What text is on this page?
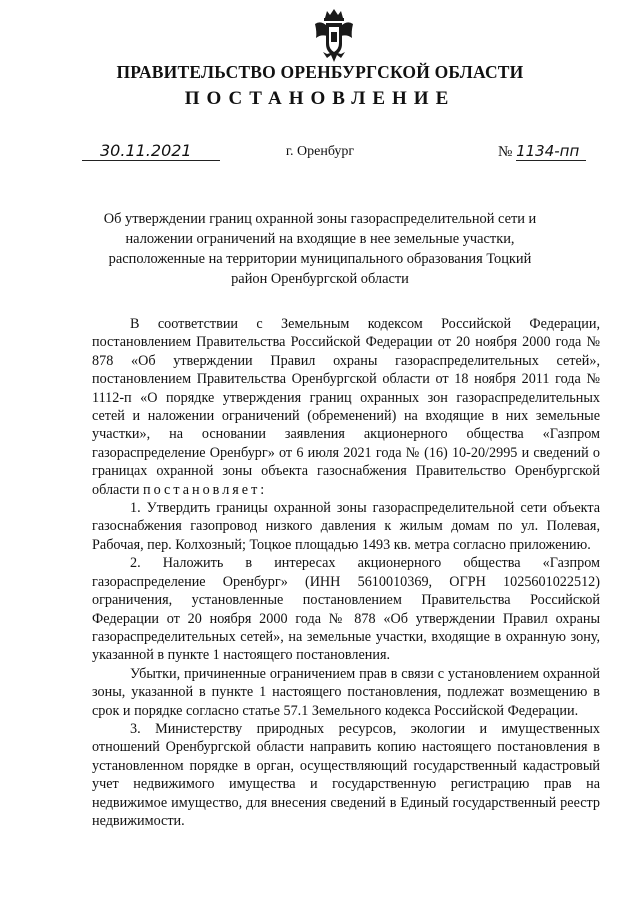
ПРАВИТЕЛЬСТВО ОРЕНБУРГСКОЙ ОБЛАСТИ
ПОСТАНОВЛЕНИЕ
30.11.2021	г. Оренбург	№ 1134-пп
Об утверждении границ охранной зоны газораспределительной сети и наложении ограничений на входящие в нее земельные участки, расположенные на территории муниципального образования Тоцкий район Оренбургской области

В соответствии с Земельным кодексом Российской Федерации, постановлением Правительства Российской Федерации от 20 ноября 2000 года № 878 «Об утверждении Правил охраны газораспределительных сетей», постановлением Правительства Оренбургской области от 18 ноября 2011 года № 1112-п «О порядке утверждения границ охранных зон газораспределительных сетей и наложении ограничений (обременений) на входящие в них земельные участки», на основании заявления акционерного общества «Газпром газораспределение Оренбург» от 6 июля 2021 года № (16) 10-20/2995 и сведений о границах охранной зоны объекта газоснабжения Правительство Оренбургской области постановляет:

1. Утвердить границы охранной зоны газораспределительной сети объекта газоснабжения газопровод низкого давления к жилым домам по ул. Полевая, Рабочая, пер. Колхозный; Тоцкое площадью 1493 кв. метра согласно приложению.

2. Наложить в интересах акционерного общества «Газпром газораспределение Оренбург» (ИНН 5610010369, ОГРН 1025601022512) ограничения, установленные постановлением Правительства Российской Федерации от 20 ноября 2000 года № 878 «Об утверждении Правил охраны газораспределительных сетей», на земельные участки, входящие в охранную зону, указанной в пункте 1 настоящего постановления.

Убытки, причиненные ограничением прав в связи с установлением охранной зоны, указанной в пункте 1 настоящего постановления, подлежат возмещению в срок и порядке согласно статье 57.1 Земельного кодекса Российской Федерации.

3. Министерству природных ресурсов, экологии и имущественных отношений Оренбургской области направить копию настоящего постановления в установленном порядке в орган, осуществляющий государственный кадастровый учет недвижимого имущества и государственную регистрацию прав на недвижимое имущество, для внесения сведений в Единый государственный реестр недвижимости.
